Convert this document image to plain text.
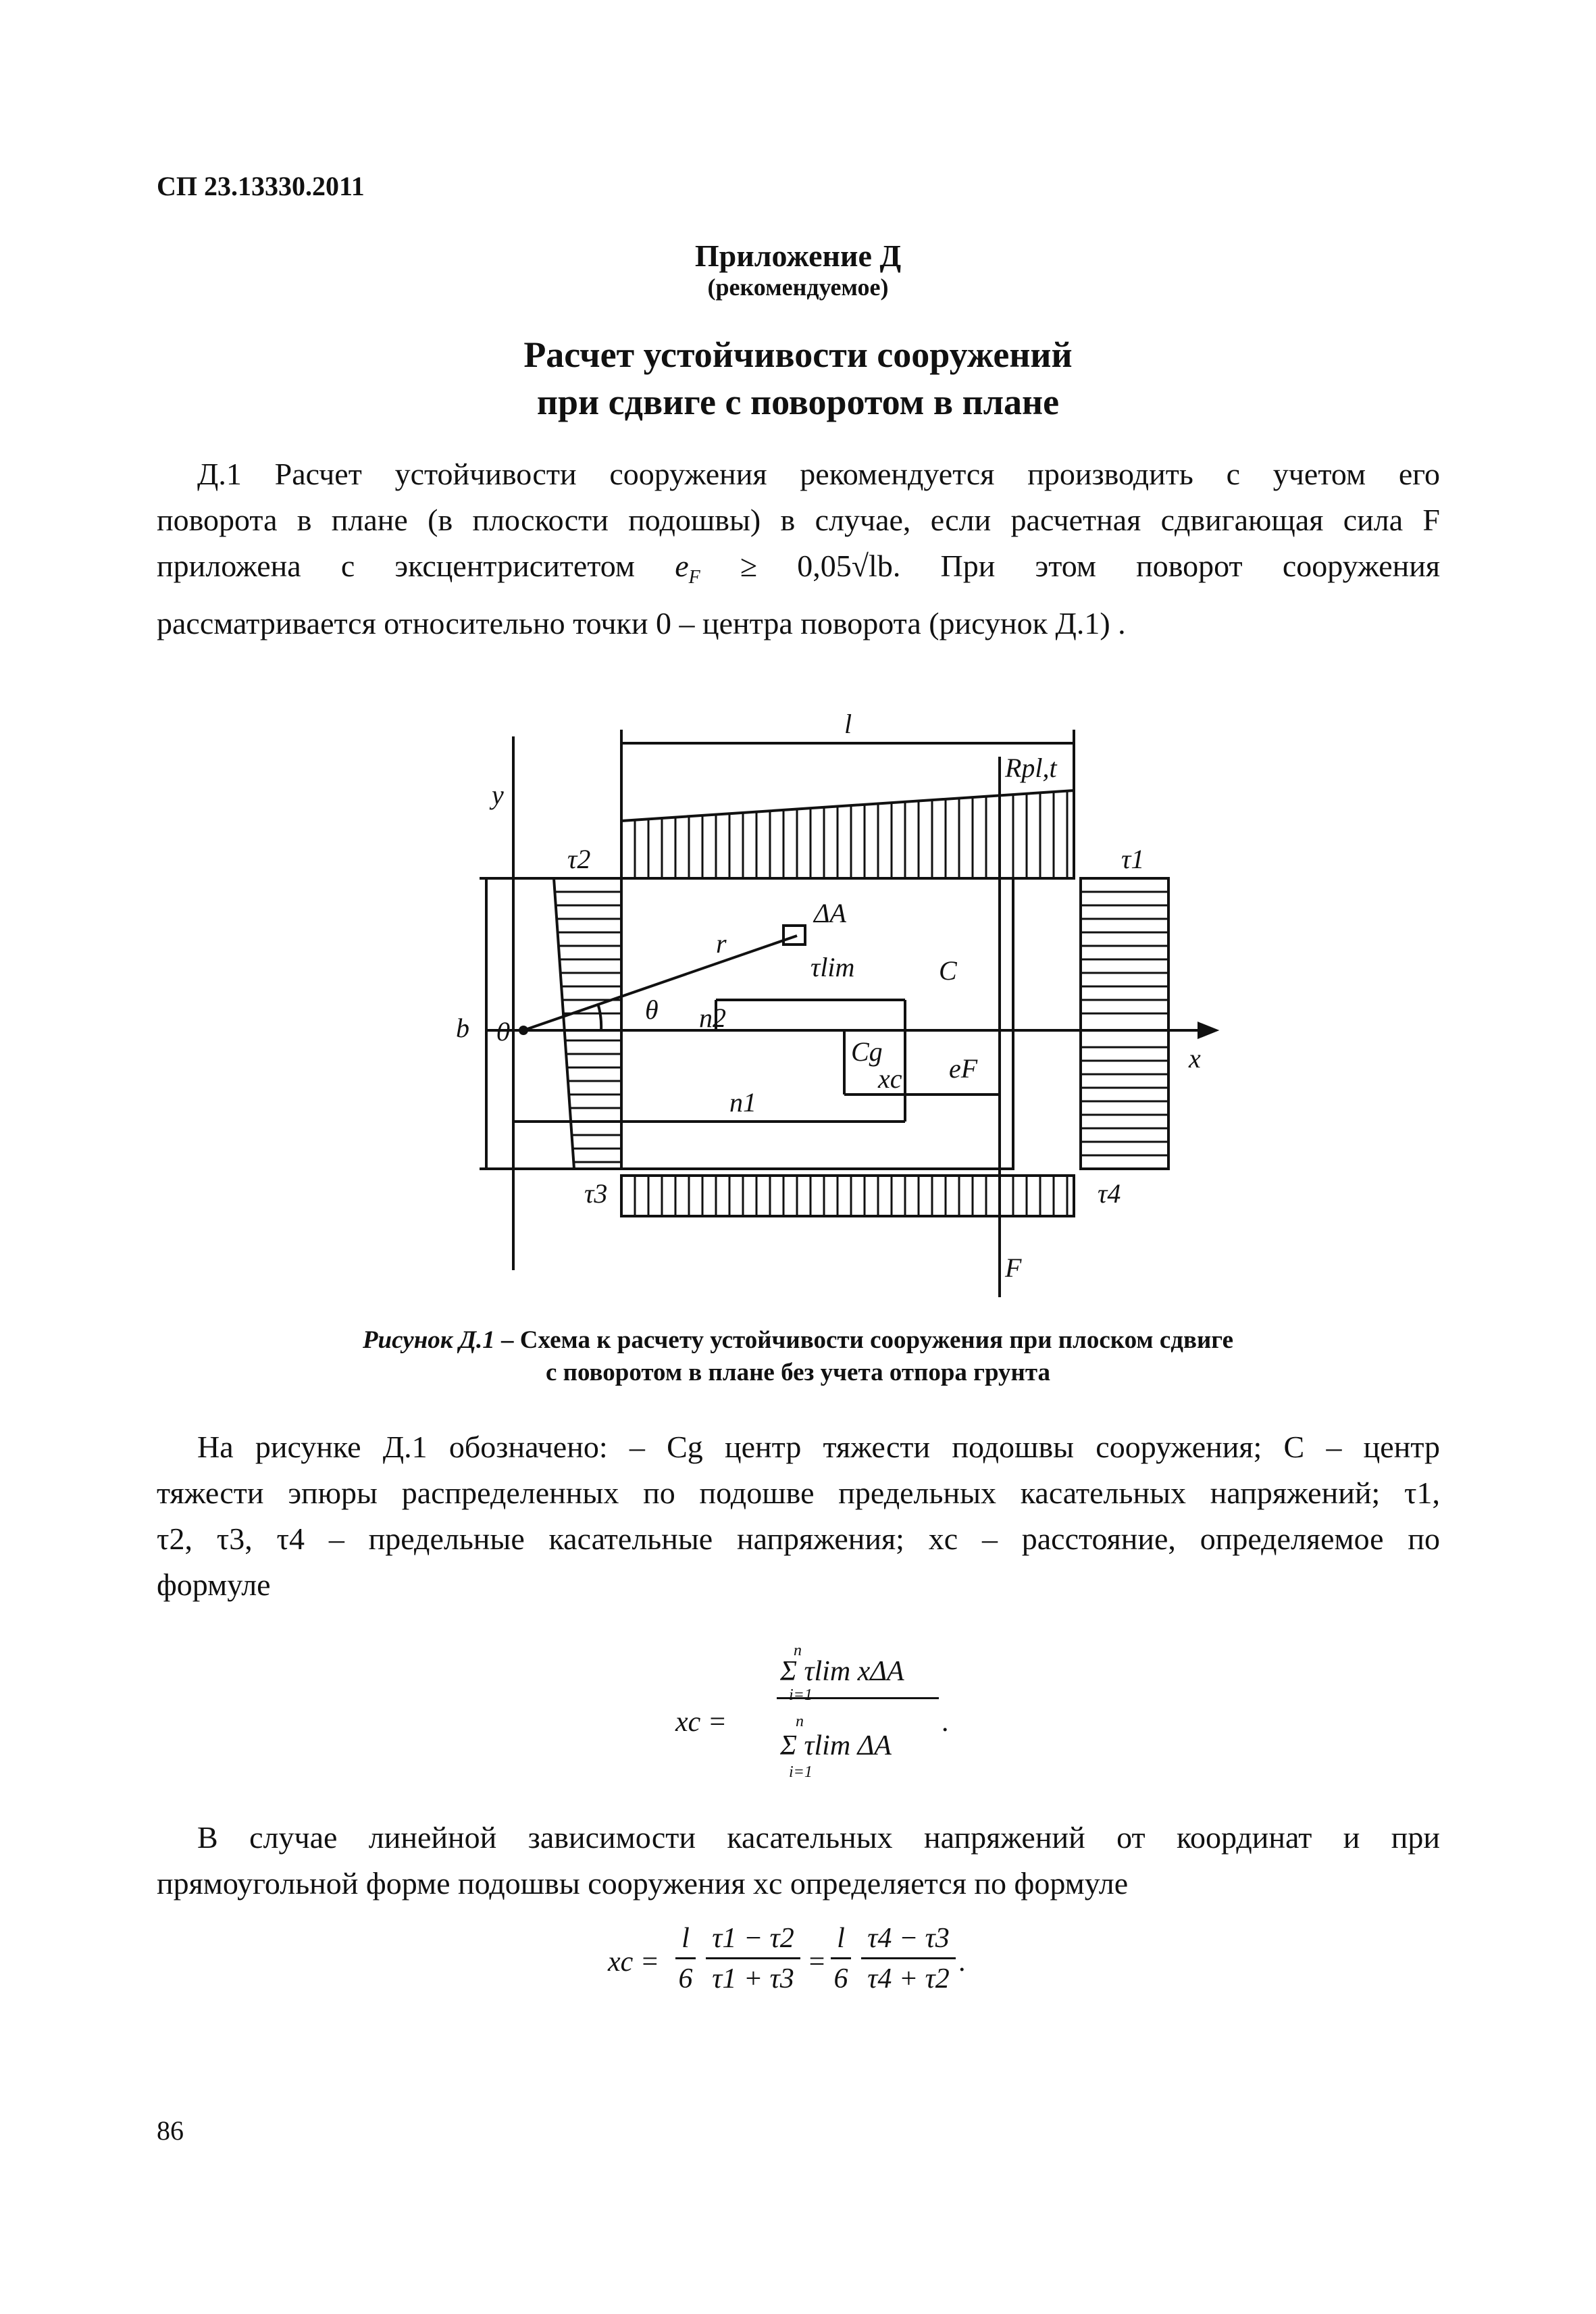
СП 23.13330.2011
Приложение Д
(рекомендуемое)
Расчет устойчивости сооружений
при сдвиге с поворотом в плане
Д.1 Расчет устойчивости сооружения рекомендуется производить с учетом его
поворота в плане (в плоскости подошвы) в случае, если расчетная сдвигающая сила F
приложена с эксцентриситетом $e_F \ge 0,05√lb$. При этом поворот сооружения
рассматривается относительно точки 0 – центра поворота (рисунок Д.1) .
l
Rpl,t
y
x
τ1
τ2
τ3	τ4
ΔA
r
τlim	C
θ n2
b 0
Cg
xc eF
n1
F
Рисунок Д.1 – Схема к расчету устойчивости сооружения при плоском сдвиге
с поворотом в плане без учета отпора грунта
На рисунке Д.1 обозначено: – Cg центр тяжести подошвы сооружения; C – центр
тяжести эпюры распределенных по подошве предельных касательных напряжений; τ1,
τ2, τ3, τ4 – предельные касательные напряжения; xc – расстояние, определяемое по
формуле
xc =
n
Σ τlim xΔA
i=1
n
Σ τlim ΔA
i=1
.
В случае линейной зависимости касательных напряжений от координат и при
прямоугольной форме подошвы сооружения xc определяется по формуле
xc =
l
6
τ1 − τ2
τ1 + τ3
=
l
6
τ4 − τ3
τ4 + τ2
.
86
